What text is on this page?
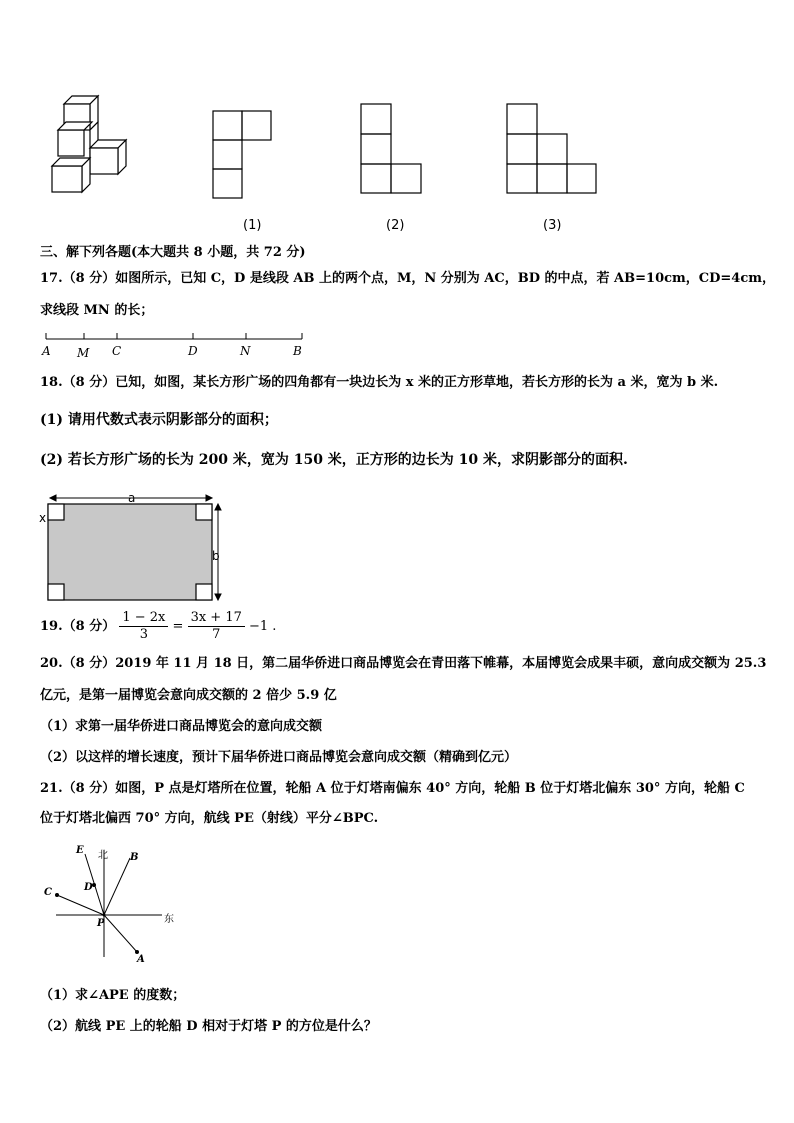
(1)	(2)	(3)
三、解下列各题(本大题共 8 小题，共 72 分)
17.（8 分）如图所示，已知 C，D 是线段 AB 上的两个点，M，N 分别为 AC，BD 的中点，若 AB=10cm，CD=4cm，
求线段 MN 的长；
A M C	D	N	B
18.（8 分）已知，如图，某长方形广场的四角都有一块边长为 x 米的正方形草地，若长方形的长为 a 米，宽为 b 米.
(1) 请用代数式表示阴影部分的面积；
(2) 若长方形广场的长为 200 米，宽为 150 米，正方形的边长为 10 米，求阴影部分的面积.
a
x
b
19.（8 分） $\frac{1 - 2x}{3} = \frac{3x + 17}{7} -1$ .
20.（8 分）2019 年 11 月 18 日，第二届华侨进口商品博览会在青田落下帷幕，本届博览会成果丰硕，意向成交额为 25.3
亿元，是第一届博览会意向成交额的 2 倍少 5.9 亿
（1）求第一届华侨进口商品博览会的意向成交额
（2）以这样的增长速度，预计下届华侨进口商品博览会意向成交额（精确到亿元）
21.（8 分）如图，P 点是灯塔所在位置，轮船 A 位于灯塔南偏东 40° 方向，轮船 B 位于灯塔北偏东 30° 方向，轮船 C
位于灯塔北偏西 70° 方向，航线 PE（射线）平分∠BPC.
E 北 B
C	D
东
P
A
（1）求∠APE 的度数；
（2）航线 PE 上的轮船 D 相对于灯塔 P 的方位是什么？
